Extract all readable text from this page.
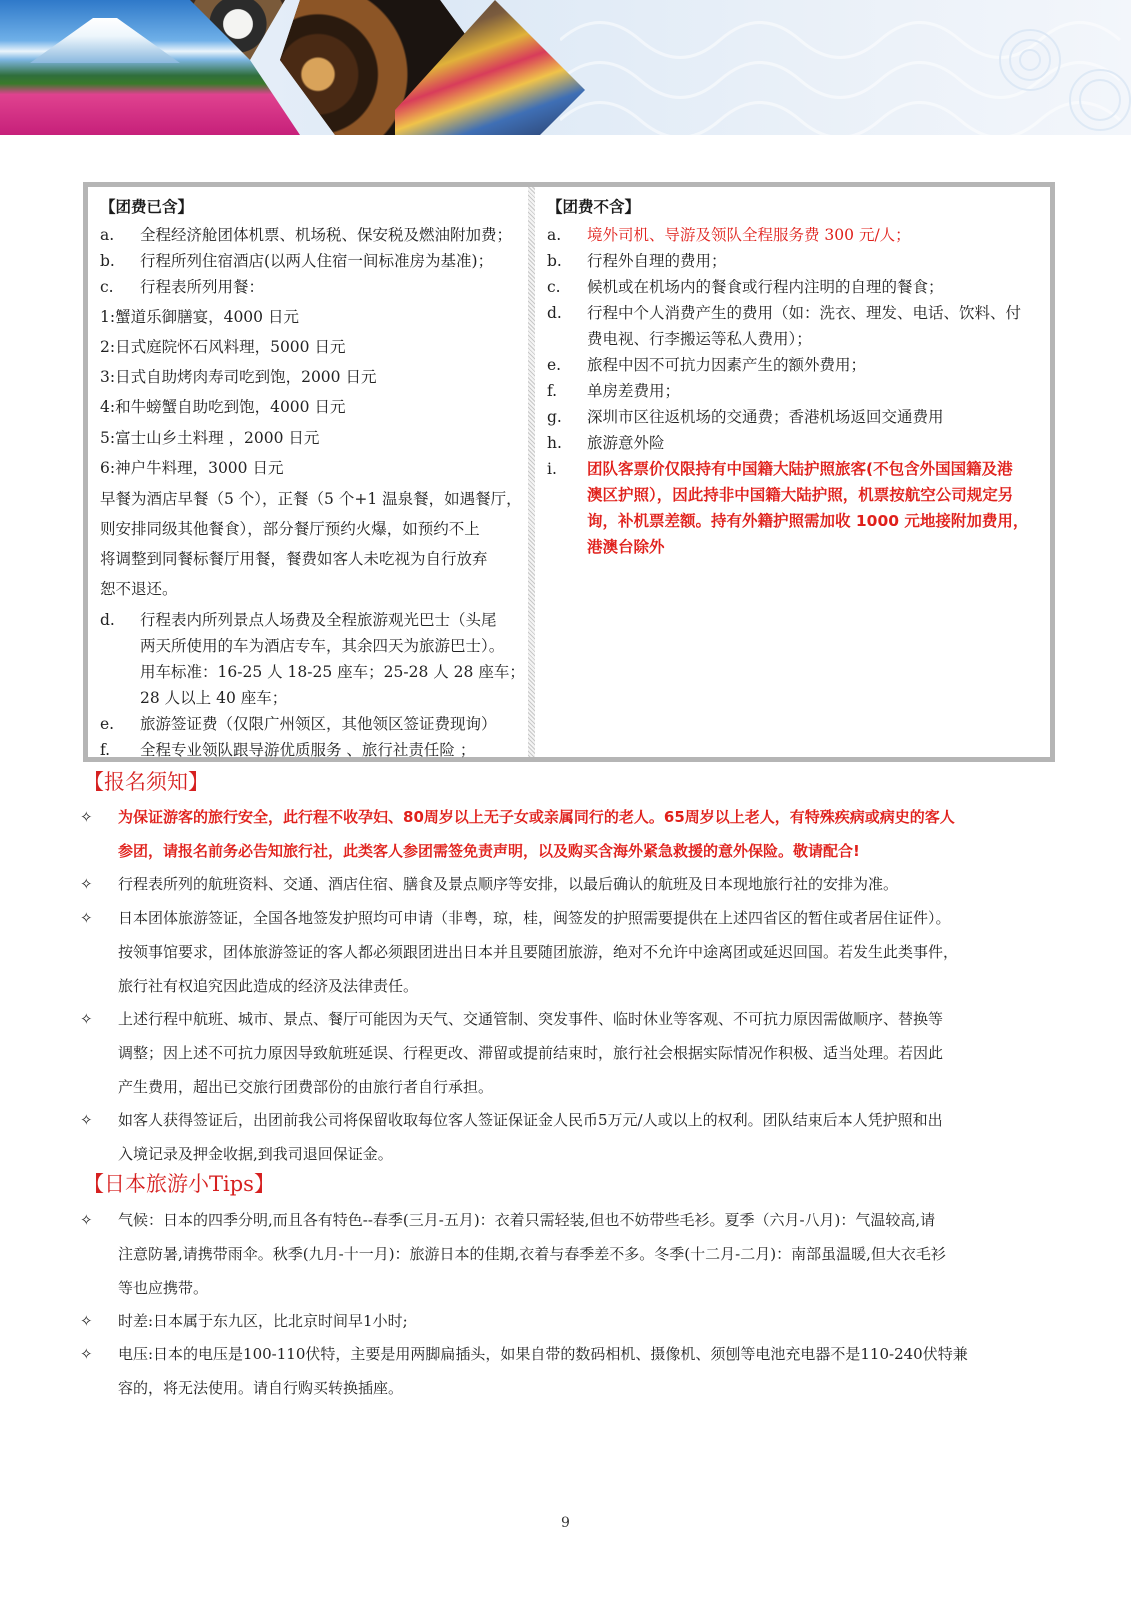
【团费已含】
a. 全程经济舱团体机票、机场税、保安税及燃油附加费；
b. 行程所列住宿酒店(以两人住宿一间标准房为基准)；
c. 行程表所列用餐：
1:蟹道乐御膳宴，4000 日元
2:日式庭院怀石风料理，5000 日元
3:日式自助烤肉寿司吃到饱，2000 日元
4:和牛螃蟹自助吃到饱，4000 日元
5:富士山乡土料理 ，2000 日元
6:神户牛料理，3000 日元
早餐为酒店早餐（5 个），正餐（5 个+1 温泉餐，如遇餐厅，
则安排同级其他餐食），部分餐厅预约火爆，如预约不上
将调整到同餐标餐厅用餐，餐费如客人未吃视为自行放弃
恕不退还。
d. 行程表内所列景点人场费及全程旅游观光巴士（头尾
两天所使用的车为酒店专车，其余四天为旅游巴士）。
用车标准：16-25 人 18-25 座车；25-28 人 28 座车；
28 人以上 40 座车；
e. 旅游签证费（仅限广州领区，其他领区签证费现询）
f. 全程专业领队跟导游优质服务 、旅行社责任险 ；
【团费不含】
a. 境外司机、导游及领队全程服务费 300 元/人；
b. 行程外自理的费用；
c. 候机或在机场内的餐食或行程内注明的自理的餐食；
d. 行程中个人消费产生的费用（如：洗衣、理发、电话、饮料、付
费电视、行李搬运等私人费用）；
e. 旅程中因不可抗力因素产生的额外费用；
f. 单房差费用；
g. 深圳市区往返机场的交通费；香港机场返回交通费用
h. 旅游意外险
i. 团队客票价仅限持有中国籍大陆护照旅客(不包含外国国籍及港
澳区护照），因此持非中国籍大陆护照，机票按航空公司规定另
询，补机票差额。持有外籍护照需加收 1000 元地接附加费用，
港澳台除外
【报名须知】
✧	为保证游客的旅行安全，此行程不收孕妇、80周岁以上无子女或亲属同行的老人。65周岁以上老人，有特殊疾病或病史的客人
参团，请报名前务必告知旅行社，此类客人参团需签免责声明，以及购买含海外紧急救援的意外保险。敬请配合!
✧	行程表所列的航班资料、交通、酒店住宿、膳食及景点顺序等安排，以最后确认的航班及日本现地旅行社的安排为准。
✧	日本团体旅游签证，全国各地签发护照均可申请（非粤，琼，桂，闽签发的护照需要提供在上述四省区的暂住或者居住证件）。
按领事馆要求，团体旅游签证的客人都必须跟团进出日本并且要随团旅游，绝对不允许中途离团或延迟回国。若发生此类事件，
旅行社有权追究因此造成的经济及法律责任。
✧	上述行程中航班、城市、景点、餐厅可能因为天气、交通管制、突发事件、临时休业等客观、不可抗力原因需做顺序、替换等
调整；因上述不可抗力原因导致航班延误、行程更改、滞留或提前结束时，旅行社会根据实际情况作积极、适当处理。若因此
产生费用，超出已交旅行团费部份的由旅行者自行承担。
✧	如客人获得签证后，出团前我公司将保留收取每位客人签证保证金人民币5万元/人或以上的权利。团队结束后本人凭护照和出
入境记录及押金收据,到我司退回保证金。
【日本旅游小Tips】
✧	气候：日本的四季分明,而且各有特色--春季(三月-五月)：衣着只需轻装,但也不妨带些毛衫。夏季（六月-八月)：气温较高,请
注意防暑,请携带雨伞。秋季(九月-十一月)：旅游日本的佳期,衣着与春季差不多。冬季(十二月-二月)：南部虽温暖,但大衣毛衫
等也应携带。
✧	时差:日本属于东九区，比北京时间早1小时;
✧	电压:日本的电压是100-110伏特，主要是用两脚扁插头，如果自带的数码相机、摄像机、须刨等电池充电器不是110-240伏特兼
容的，将无法使用。请自行购买转换插座。
9
